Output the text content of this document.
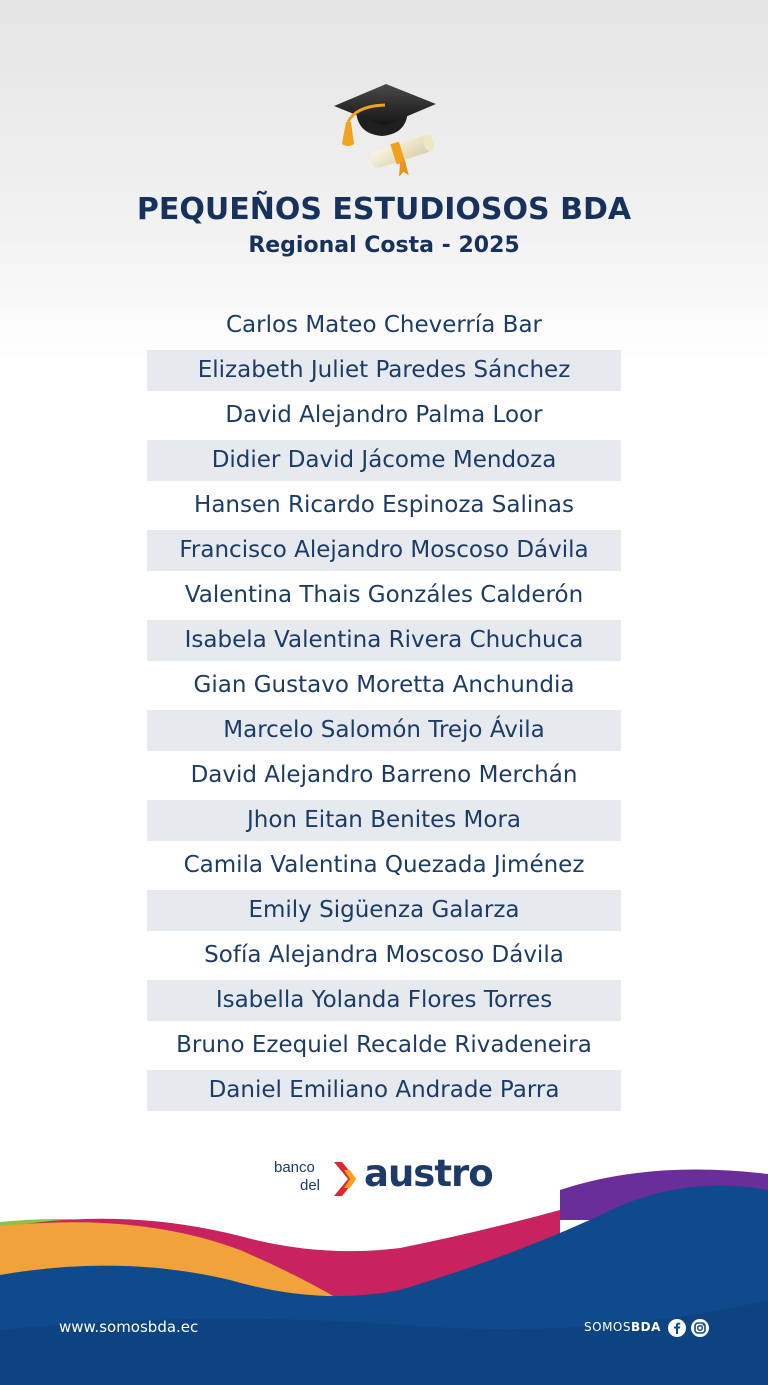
PEQUEÑOS ESTUDIOSOS BDA
Regional Costa - 2025
Carlos Mateo Cheverría Bar
Elizabeth Juliet Paredes Sánchez
David Alejandro Palma Loor
Didier David Jácome Mendoza
Hansen Ricardo Espinoza Salinas
Francisco Alejandro Moscoso Dávila
Valentina Thais Gonzáles Calderón
Isabela Valentina Rivera Chuchuca
Gian Gustavo Moretta Anchundia
Marcelo Salomón Trejo Ávila
David Alejandro Barreno Merchán
Jhon Eitan Benites Mora
Camila Valentina Quezada Jiménez
Emily Sigüenza Galarza
Sofía Alejandra Moscoso Dávila
Isabella Yolanda Flores Torres
Bruno Ezequiel Recalde Rivadeneira
Daniel Emiliano Andrade Parra
banco
del austro
www.somosbda.ec	SOMOSBDA
